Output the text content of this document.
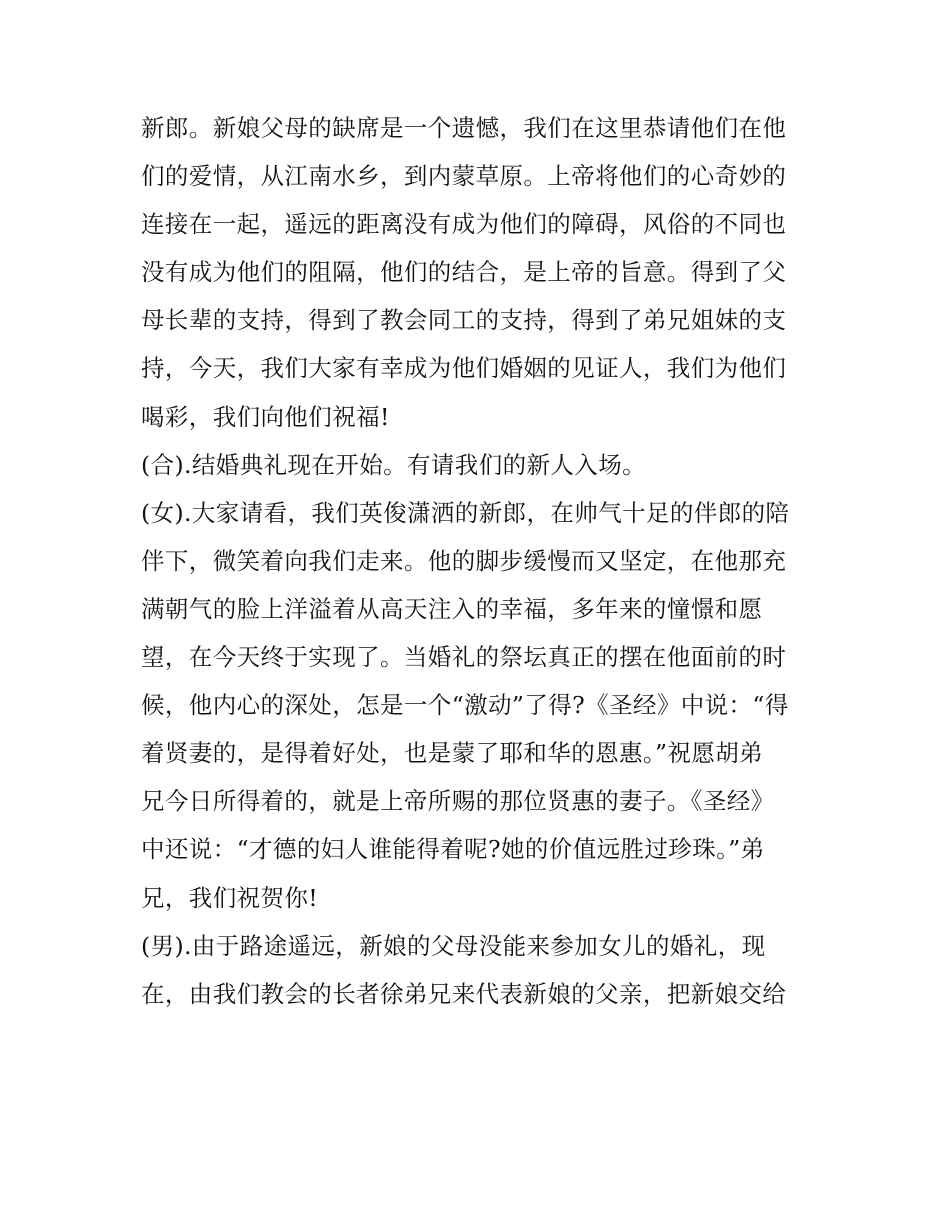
新郎。新娘父母的缺席是一个遗憾，我们在这里恭请他们在他
们的爱情，从江南水乡，到内蒙草原。上帝将他们的心奇妙的
连接在一起，遥远的距离没有成为他们的障碍，风俗的不同也
没有成为他们的阻隔，他们的结合，是上帝的旨意。得到了父
母长辈的支持，得到了教会同工的支持，得到了弟兄姐妹的支
持，今天，我们大家有幸成为他们婚姻的见证人，我们为他们
喝彩，我们向他们祝福!
(合).结婚典礼现在开始。有请我们的新人入场。
(女).大家请看，我们英俊潇洒的新郎，在帅气十足的伴郎的陪
伴下，微笑着向我们走来。他的脚步缓慢而又坚定，在他那充
满朝气的脸上洋溢着从高天注入的幸福，多年来的憧憬和愿
望，在今天终于实现了。当婚礼的祭坛真正的摆在他面前的时
候，他内心的深处，怎是一个“激动”了得?《圣经》中说：“得
着贤妻的，是得着好处，也是蒙了耶和华的恩惠。”祝愿胡弟
兄今日所得着的，就是上帝所赐的那位贤惠的妻子。《圣经》
中还说：“才德的妇人谁能得着呢?她的价值远胜过珍珠。”弟
兄，我们祝贺你!
(男).由于路途遥远，新娘的父母没能来参加女儿的婚礼，现
在，由我们教会的长者徐弟兄来代表新娘的父亲，把新娘交给
